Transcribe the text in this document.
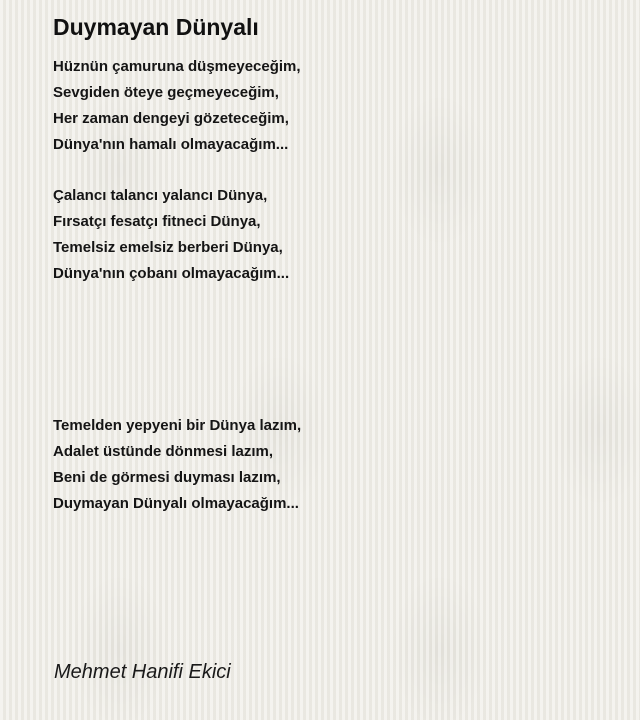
Duymayan Dünyalı
Hüznün çamuruna düşmeyeceğim,
Sevgiden öteye geçmeyeceğim,
Her zaman dengeyi gözeteceğim,
Dünya'nın hamalı olmayacağım...
Çalancı talancı yalancı Dünya,
Fırsatçı fesatçı fitneci Dünya,
Temelsiz emelsiz berberi Dünya,
Dünya'nın çobanı olmayacağım...
Temelden yepyeni bir Dünya lazım,
Adalet üstünde dönmesi lazım,
Beni de görmesi duyması lazım,
Duymayan Dünyalı olmayacağım...

Mehmet Hanifi Ekici
